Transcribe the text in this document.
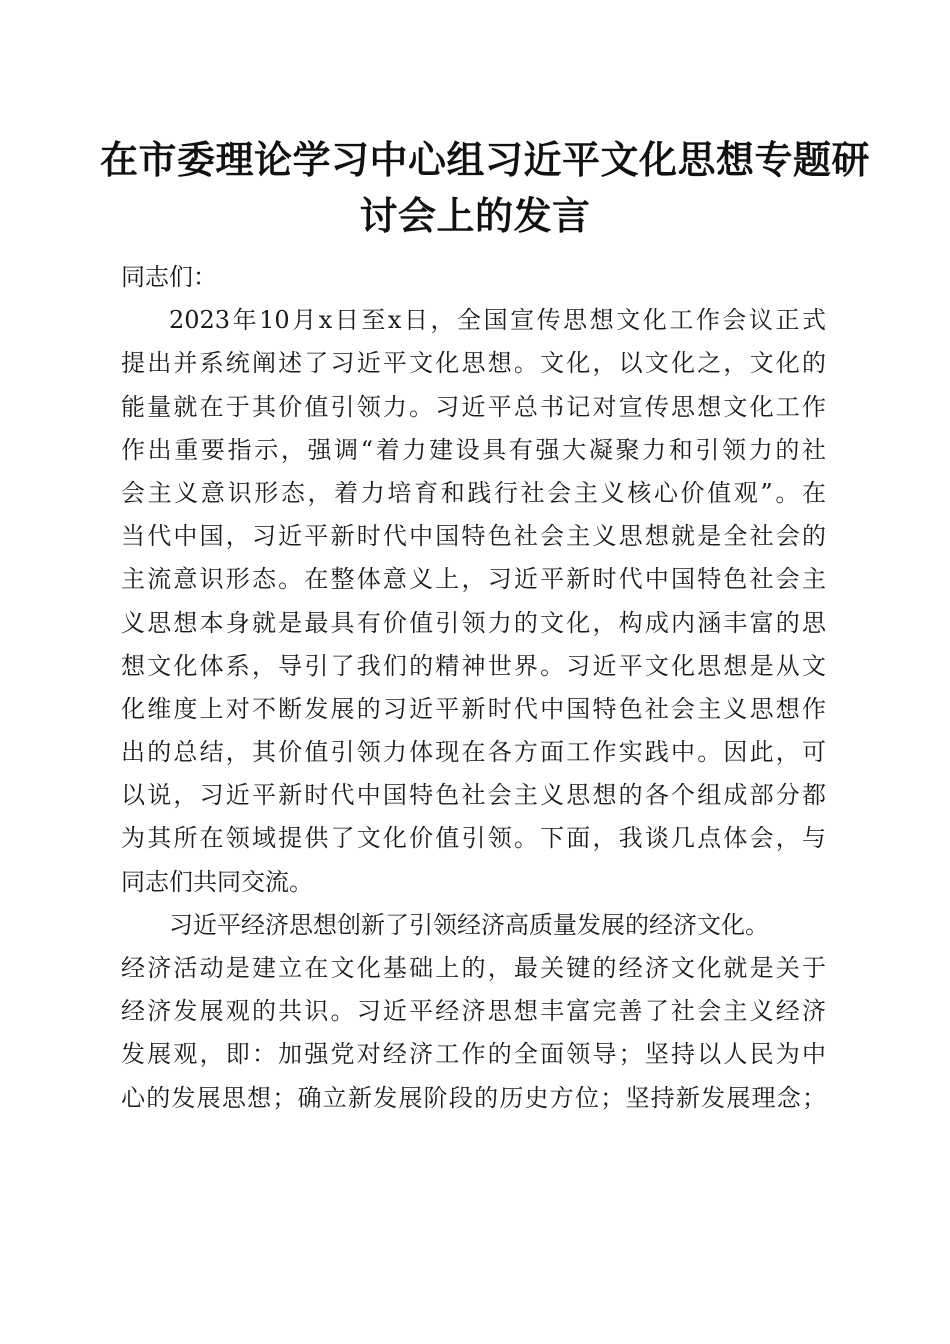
在市委理论学习中心组习近平文化思想专题研
讨会上的发言
同志们：
2023年10月x日至x日，全国宣传思想文化工作会议正式
提出并系统阐述了习近平文化思想。文化，以文化之，文化的
能量就在于其价值引领力。习近平总书记对宣传思想文化工作
作出重要指示，强调“着力建设具有强大凝聚力和引领力的社
会主义意识形态，着力培育和践行社会主义核心价值观”。在
当代中国，习近平新时代中国特色社会主义思想就是全社会的
主流意识形态。在整体意义上，习近平新时代中国特色社会主
义思想本身就是最具有价值引领力的文化，构成内涵丰富的思
想文化体系，导引了我们的精神世界。习近平文化思想是从文
化维度上对不断发展的习近平新时代中国特色社会主义思想作
出的总结，其价值引领力体现在各方面工作实践中。因此，可
以说，习近平新时代中国特色社会主义思想的各个组成部分都
为其所在领域提供了文化价值引领。下面，我谈几点体会，与
同志们共同交流。
习近平经济思想创新了引领经济高质量发展的经济文化。
经济活动是建立在文化基础上的，最关键的经济文化就是关于
经济发展观的共识。习近平经济思想丰富完善了社会主义经济
发展观，即：加强党对经济工作的全面领导；坚持以人民为中
心的发展思想；确立新发展阶段的历史方位；坚持新发展理念；
